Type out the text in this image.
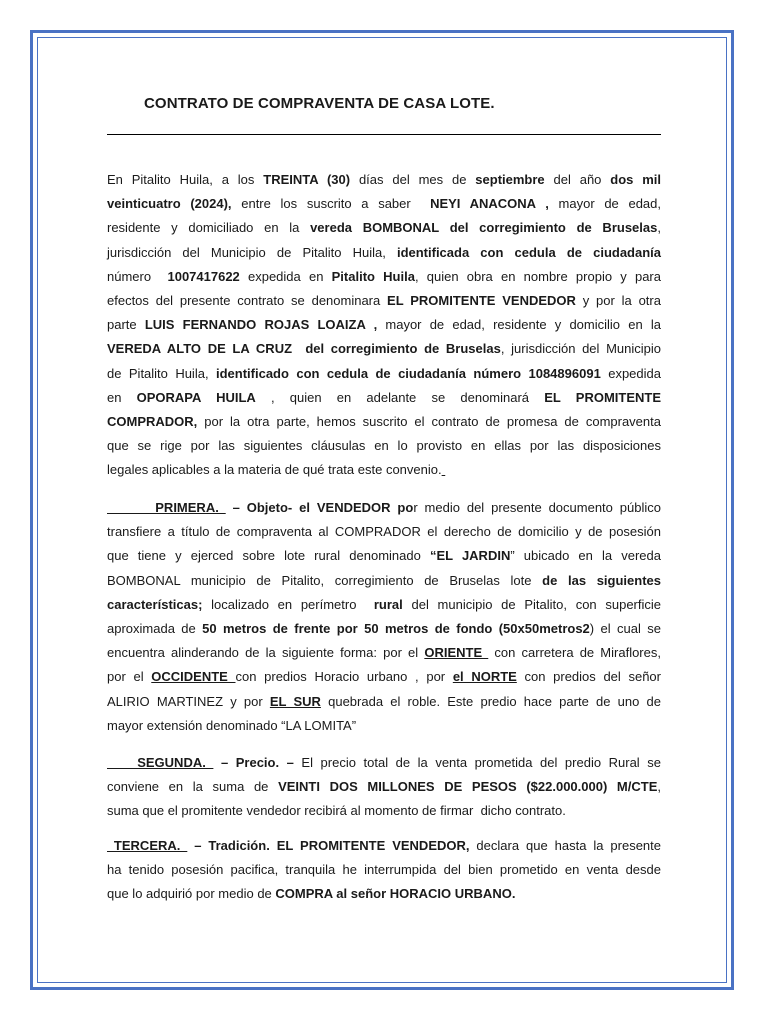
CONTRATO DE COMPRAVENTA DE CASA LOTE.
En Pitalito Huila, a los TREINTA (30) días del mes de septiembre del año dos mil
veinticuatro (2024), entre los suscrito a saber  NEYI ANACONA , mayor de edad,
residente y domiciliado en la vereda BOMBONAL del corregimiento de Bruselas,
jurisdicción del Municipio de Pitalito Huila, identificada con cedula de ciudadanía
número  1007417622 expedida en Pitalito Huila, quien obra en nombre propio y para
efectos del presente contrato se denominara EL PROMITENTE VENDEDOR y por la otra
parte LUIS FERNANDO ROJAS LOAIZA , mayor de edad, residente y domicilio en la
VEREDA ALTO DE LA CRUZ  del corregimiento de Bruselas, jurisdicción del Municipio
de Pitalito Huila, identificado con cedula de ciudadanía número 1084896091 expedida
en OPORAPA HUILA , quien en adelante se denominará EL PROMITENTE
COMPRADOR, por la otra parte, hemos suscrito el contrato de promesa de compraventa
que se rige por las siguientes cláusulas en lo provisto en ellas por las disposiciones
legales aplicables a la materia de qué trata este convenio.
PRIMERA.  – Objeto- el VENDEDOR por medio del presente documento público
transfiere a título de compraventa al COMPRADOR el derecho de domicilio y de posesión
que tiene y ejerced sobre lote rural denominado “EL JARDIN” ubicado en la vereda
BOMBONAL municipio de Pitalito, corregimiento de Bruselas lote de las siguientes
características; localizado en perímetro  rural del municipio de Pitalito, con superficie
aproximada de 50 metros de frente por 50 metros de fondo (50x50metros2) el cual se
encuentra alinderando de la siguiente forma: por el ORIENTE  con carretera de Miraflores,
por el OCCIDENTE con predios Horacio urbano , por el NORTE con predios del señor
ALIRIO MARTINEZ y por EL SUR quebrada el roble. Este predio hace parte de uno de
mayor extensión denominado “LA LOMITA”
SEGUNDA.  – Precio. – El precio total de la venta prometida del predio Rural se
conviene en la suma de VEINTI DOS MILLONES DE PESOS ($22.000.000) M/CTE,
suma que el promitente vendedor recibirá al momento de firmar  dicho contrato.
TERCERA.  – Tradición. EL PROMITENTE VENDEDOR, declara que hasta la presente
ha tenido posesión pacifica, tranquila he interrumpida del bien prometido en venta desde
que lo adquirió por medio de COMPRA al señor HORACIO URBANO.
